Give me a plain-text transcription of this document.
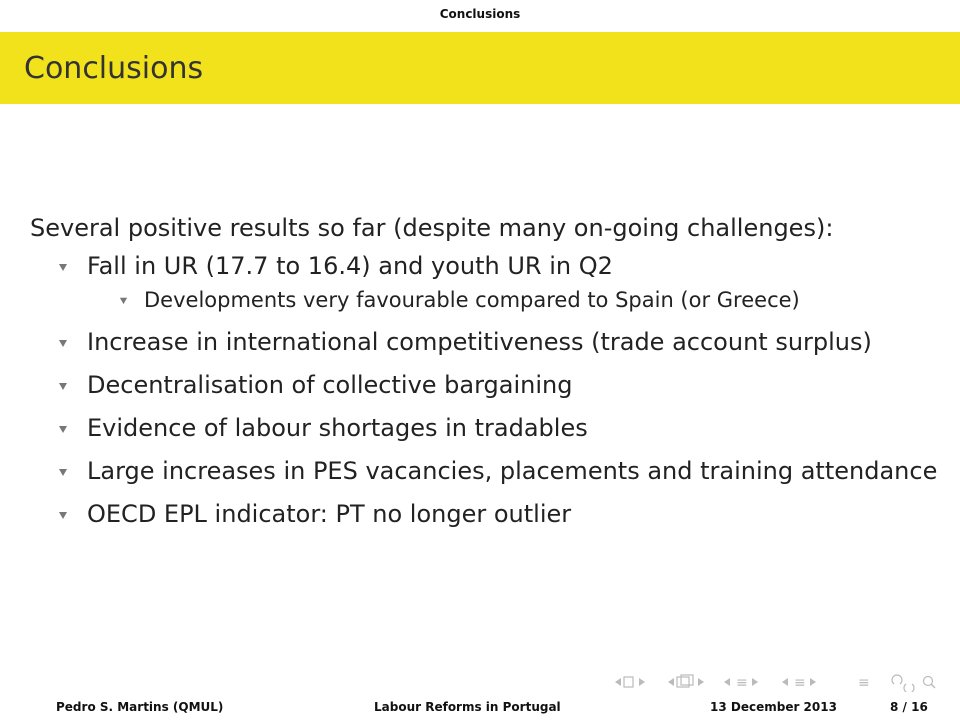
Conclusions
Conclusions
Several positive results so far (despite many on-going challenges):
Fall in UR (17.7 to 16.4) and youth UR in Q2
Developments very favourable compared to Spain (or Greece)
Increase in international competitiveness (trade account surplus)
Decentralisation of collective bargaining
Evidence of labour shortages in tradables
Large increases in PES vacancies, placements and training attendance
OECD EPL indicator: PT no longer outlier
≡	≡	≡
Pedro S. Martins (QMUL)	Labour Reforms in Portugal	13 December 2013	8 / 16
